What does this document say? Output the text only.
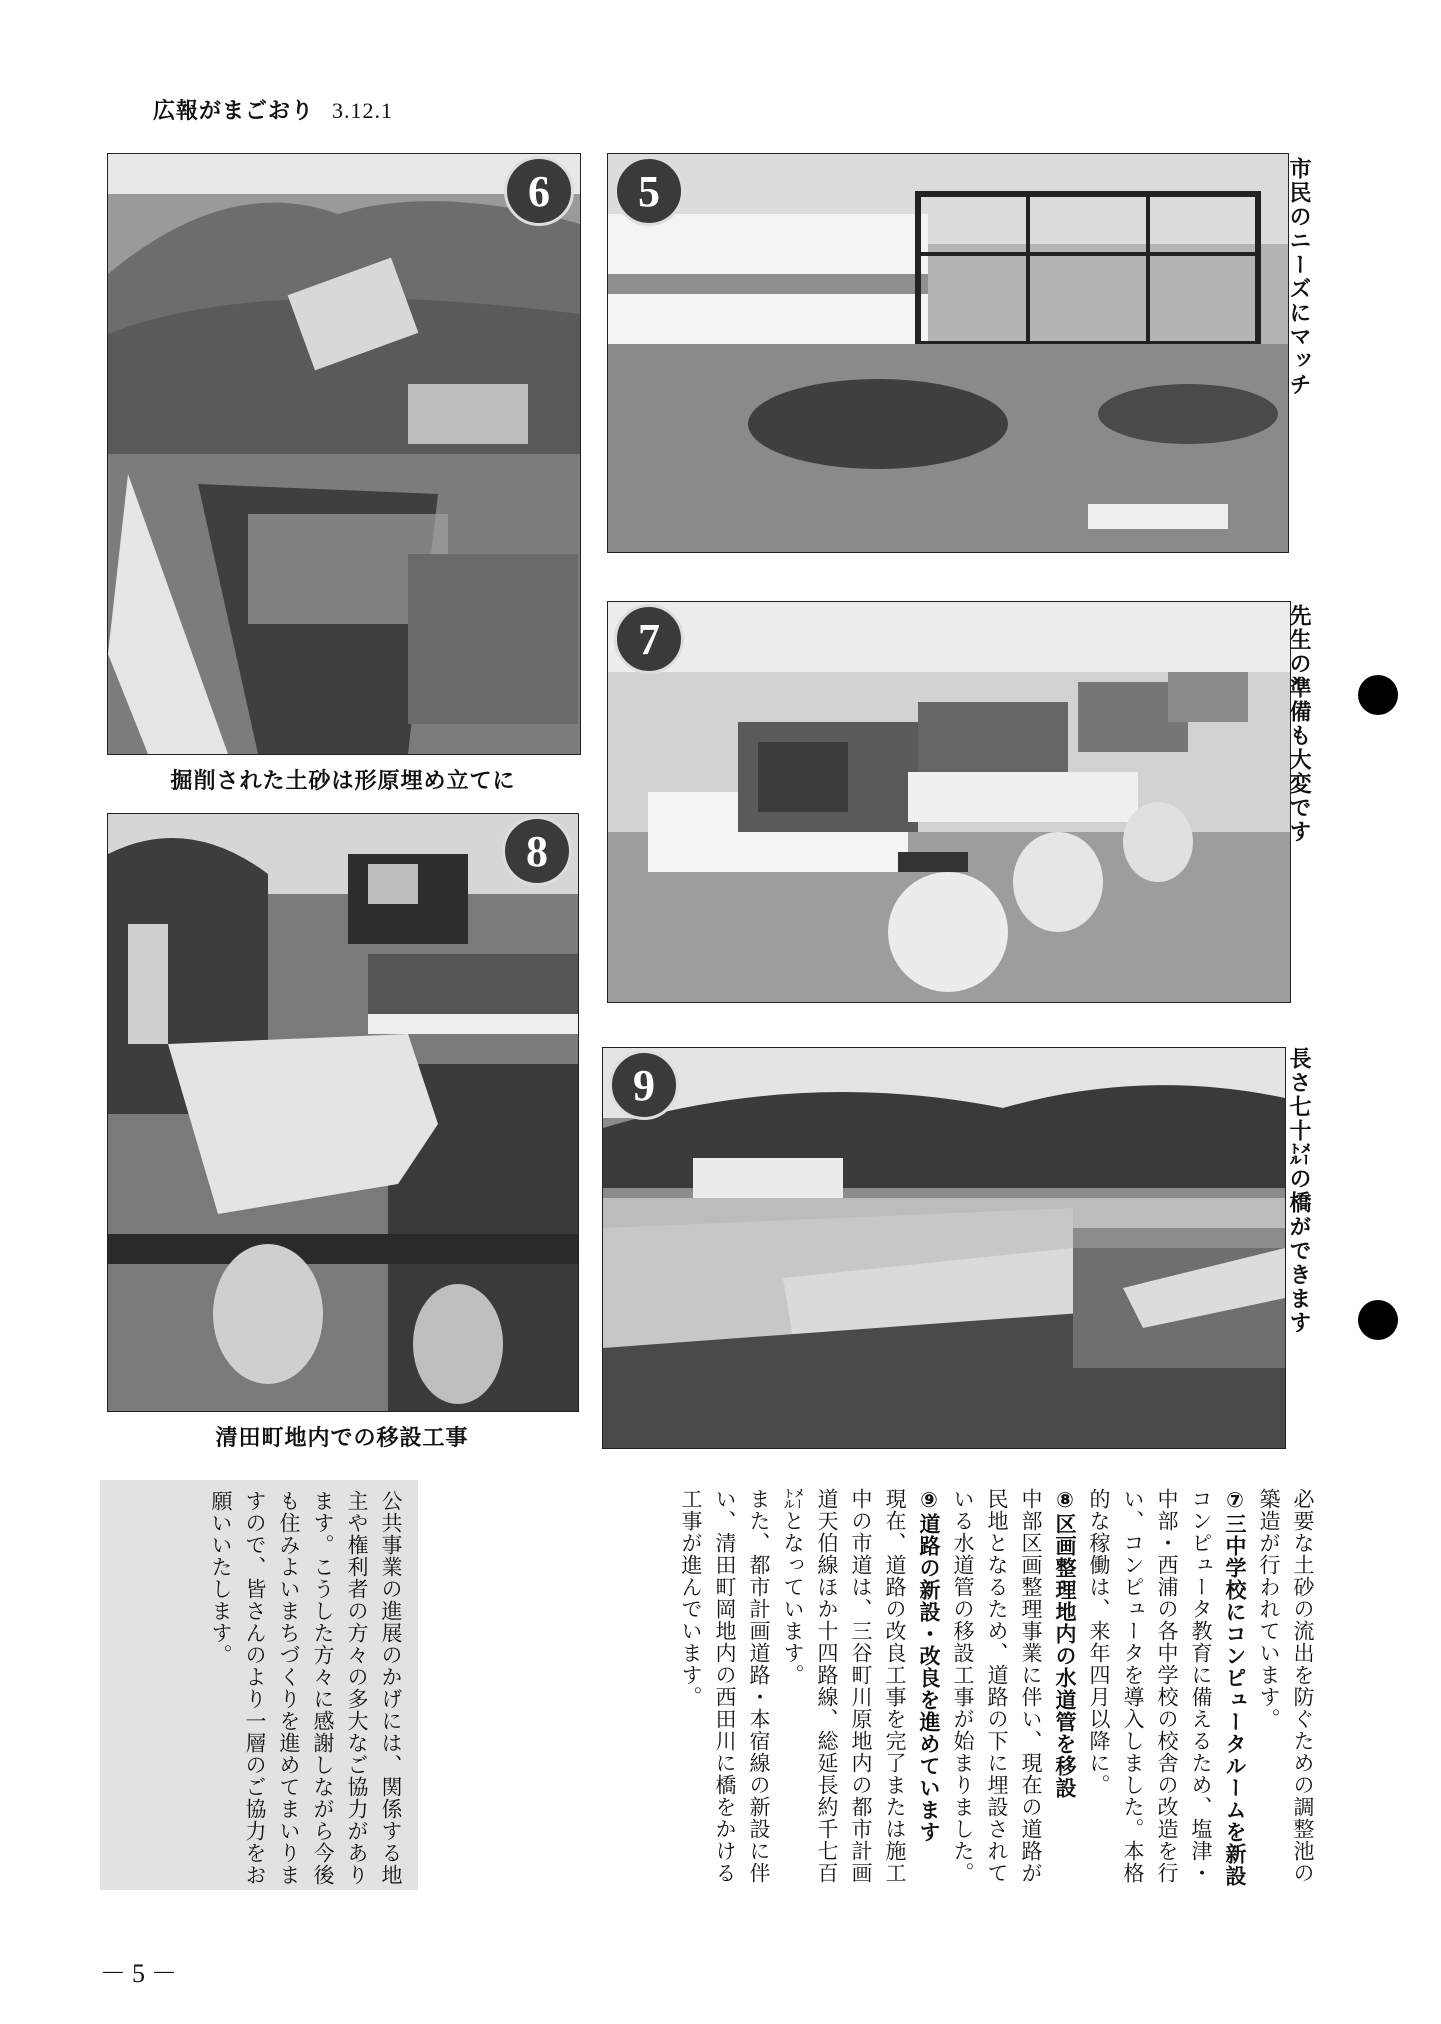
広報がまごおり 3.12.1
6
掘削された土砂は形原埋め立てに
5	市民のニーズにマッチ
7	先生の準備も大変です
8
清田町地内での移設工事
9	長さ七十㍍の橋ができます

必要な土砂の流出を防ぐための調整池の築造が行われています。

⑦三中学校にコンピュータルームを新設

コンピュータ教育に備えるため、塩津・中部・西浦の各中学校の校舎の改造を行い、コンピュータを導入しました。本格的な稼働は、来年四月以降に。

⑧区画整理地内の水道管を移設

中部区画整理事業に伴い、現在の道路が民地となるため、道路の下に埋設されている水道管の移設工事が始まりました。

⑨道路の新設・改良を進めています

現在、道路の改良工事を完了または施工中の市道は、三谷町川原地内の都市計画道天伯線ほか十四路線、総延長約千七百㍍となっています。

また、都市計画道路・本宿線の新設に伴い、清田町岡地内の西田川に橋をかける工事が進んでいます。

公共事業の進展のかげには、関係する地主や権利者の方々の多大なご協力があります。こうした方々に感謝しながら今後も住みよいまちづくりを進めてまいりますので、皆さんのより一層のご協力をお願いいたします。
－5－
